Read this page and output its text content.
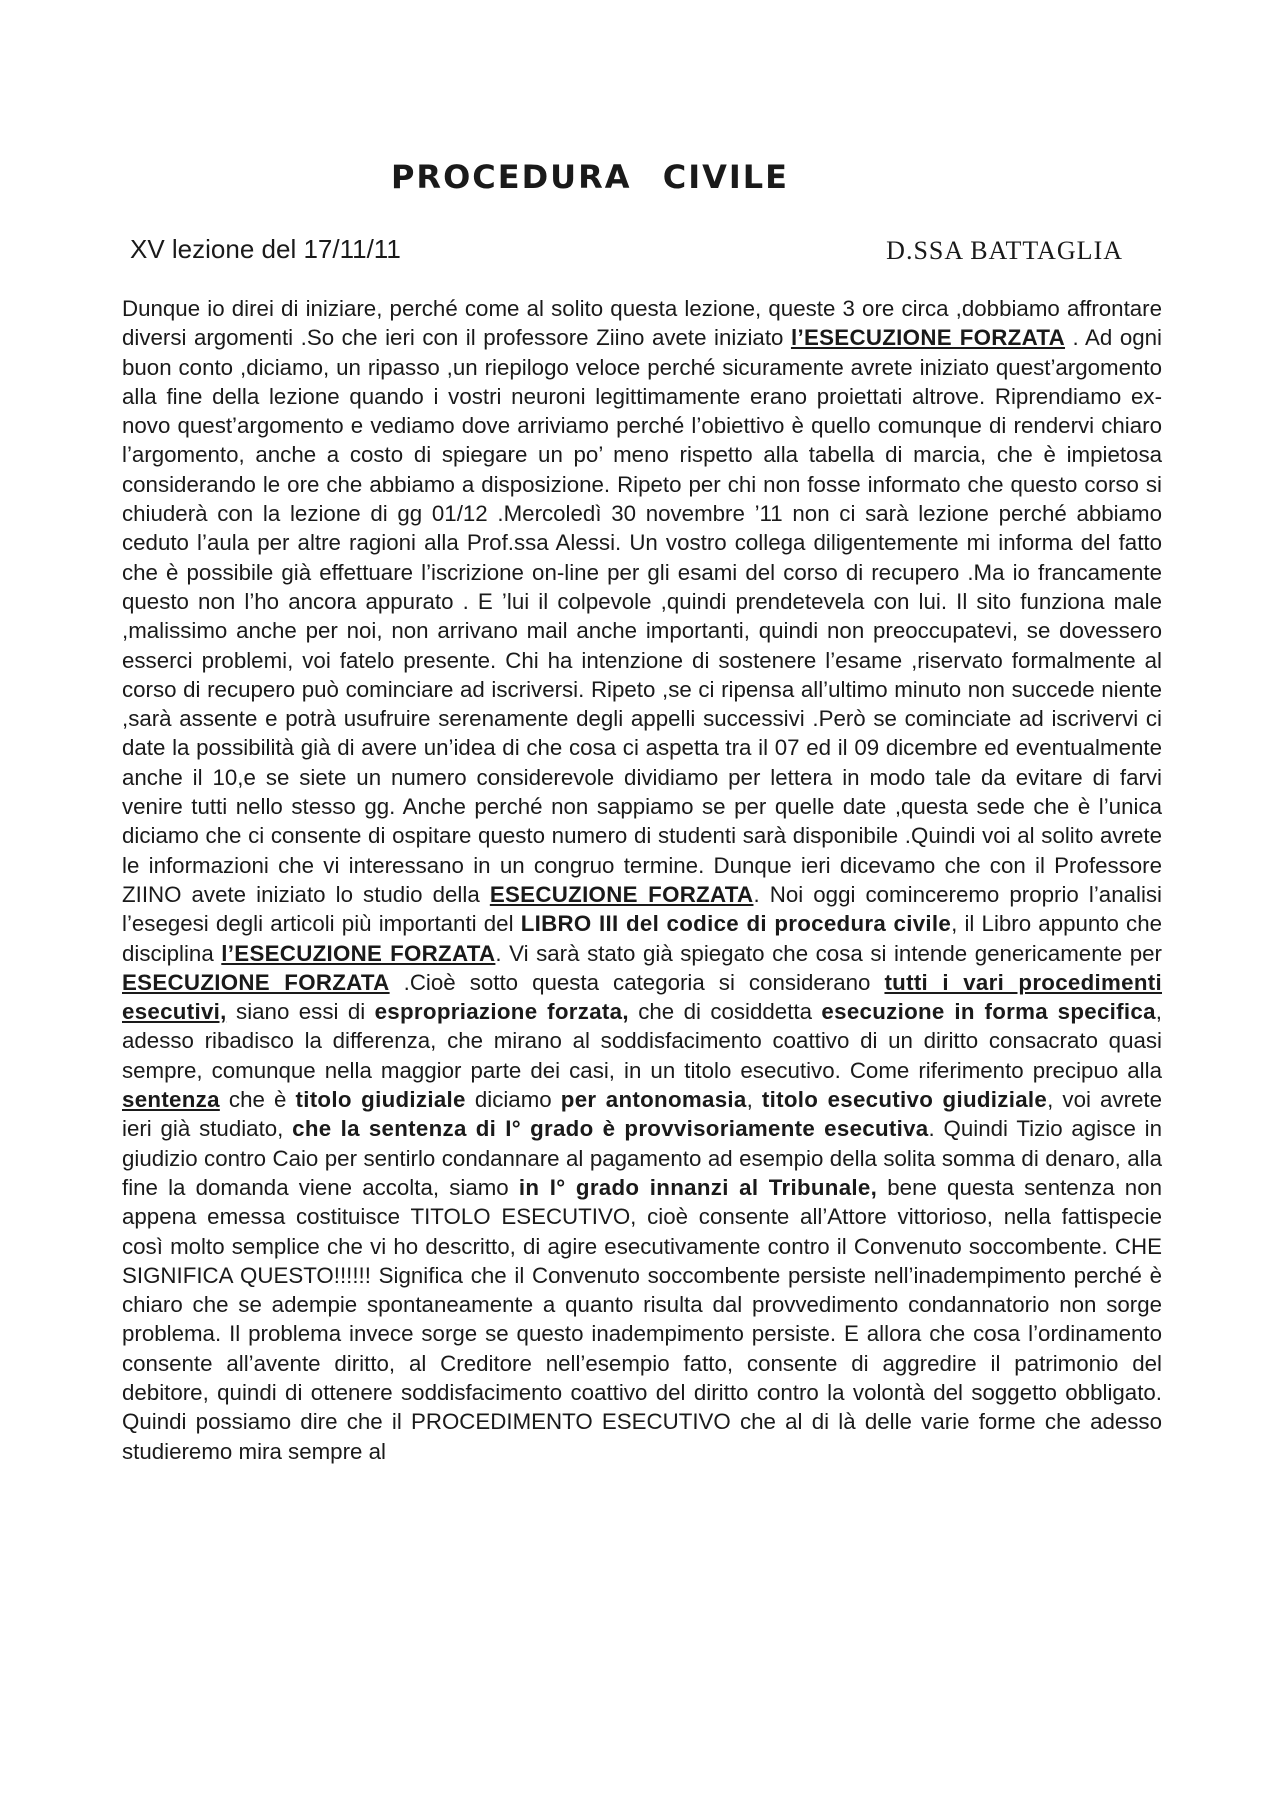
PROCEDURA CIVILE
XV lezione del 17/11/11	D.SSA BATTAGLIA

Dunque io direi di iniziare, perché come al solito questa lezione, queste 3 ore circa ,dobbiamo affrontare diversi argomenti .So che ieri con il professore Ziino avete iniziato l’ESECUZIONE FORZATA . Ad ogni buon conto ,diciamo, un ripasso ,un riepilogo veloce perché sicuramente avrete iniziato quest’argomento alla fine della lezione quando i vostri neuroni legittimamente erano proiettati altrove. Riprendiamo ex-novo quest’argomento e vediamo dove arriviamo perché l’obiettivo è quello comunque di rendervi chiaro l’argomento, anche a costo di spiegare un po’ meno rispetto alla tabella di marcia, che è impietosa considerando le ore che abbiamo a disposizione. Ripeto per chi non fosse informato che questo corso si chiuderà con la lezione di gg 01/12 .Mercoledì 30 novembre ’11 non ci sarà lezione perché abbiamo ceduto l’aula per altre ragioni alla Prof.ssa Alessi. Un vostro collega diligentemente mi informa del fatto che è possibile già effettuare l’iscrizione on-line per gli esami del corso di recupero .Ma io francamente questo non l’ho ancora appurato . E ’lui il colpevole ,quindi prendetevela con lui. Il sito funziona male ,malissimo anche per noi, non arrivano mail anche importanti, quindi non preoccupatevi, se dovessero esserci problemi, voi fatelo presente. Chi ha intenzione di sostenere l’esame ,riservato formalmente al corso di recupero può cominciare ad iscriversi. Ripeto ,se ci ripensa all’ultimo minuto non succede niente ,sarà assente e potrà usufruire serenamente degli appelli successivi .Però se cominciate ad iscrivervi ci date la possibilità già di avere un’idea di che cosa ci aspetta tra il 07 ed il 09 dicembre ed eventualmente anche il 10,e se siete un numero considerevole dividiamo per lettera in modo tale da evitare di farvi venire tutti nello stesso gg. Anche perché non sappiamo se per quelle date ,questa sede che è l’unica diciamo che ci consente di ospitare questo numero di studenti sarà disponibile .Quindi voi al solito avrete le informazioni che vi interessano in un congruo termine. Dunque ieri dicevamo che con il Professore ZIINO avete iniziato lo studio della ESECUZIONE FORZATA. Noi oggi cominceremo proprio l’analisi l’esegesi degli articoli più importanti del LIBRO III del codice di procedura civile, il Libro appunto che disciplina l’ESECUZIONE FORZATA. Vi sarà stato già spiegato che cosa si intende genericamente per ESECUZIONE FORZATA .Cioè sotto questa categoria si considerano tutti i vari procedimenti esecutivi, siano essi di espropriazione forzata, che di cosiddetta esecuzione in forma specifica, adesso ribadisco la differenza, che mirano al soddisfacimento coattivo di un diritto consacrato quasi sempre, comunque nella maggior parte dei casi, in un titolo esecutivo. Come riferimento precipuo alla sentenza che è titolo giudiziale diciamo per antonomasia, titolo esecutivo giudiziale, voi avrete ieri già studiato, che la sentenza di I° grado è provvisoriamente esecutiva. Quindi Tizio agisce in giudizio contro Caio per sentirlo condannare al pagamento ad esempio della solita somma di denaro, alla fine la domanda viene accolta, siamo in I° grado innanzi al Tribunale, bene questa sentenza non appena emessa costituisce TITOLO ESECUTIVO, cioè consente all’Attore vittorioso, nella fattispecie così molto semplice che vi ho descritto, di agire esecutivamente contro il Convenuto soccombente. CHE SIGNIFICA QUESTO!!!!!! Significa che il Convenuto soccombente persiste nell’inadempimento perché è chiaro che se adempie spontaneamente a quanto risulta dal provvedimento condannatorio non sorge problema. Il problema invece sorge se questo inadempimento persiste. E allora che cosa l’ordinamento consente all’avente diritto, al Creditore nell’esempio fatto, consente di aggredire il patrimonio del debitore, quindi di ottenere soddisfacimento coattivo del diritto contro la volontà del soggetto obbligato. Quindi possiamo dire che il PROCEDIMENTO ESECUTIVO che al di là delle varie forme che adesso studieremo mira sempre al
